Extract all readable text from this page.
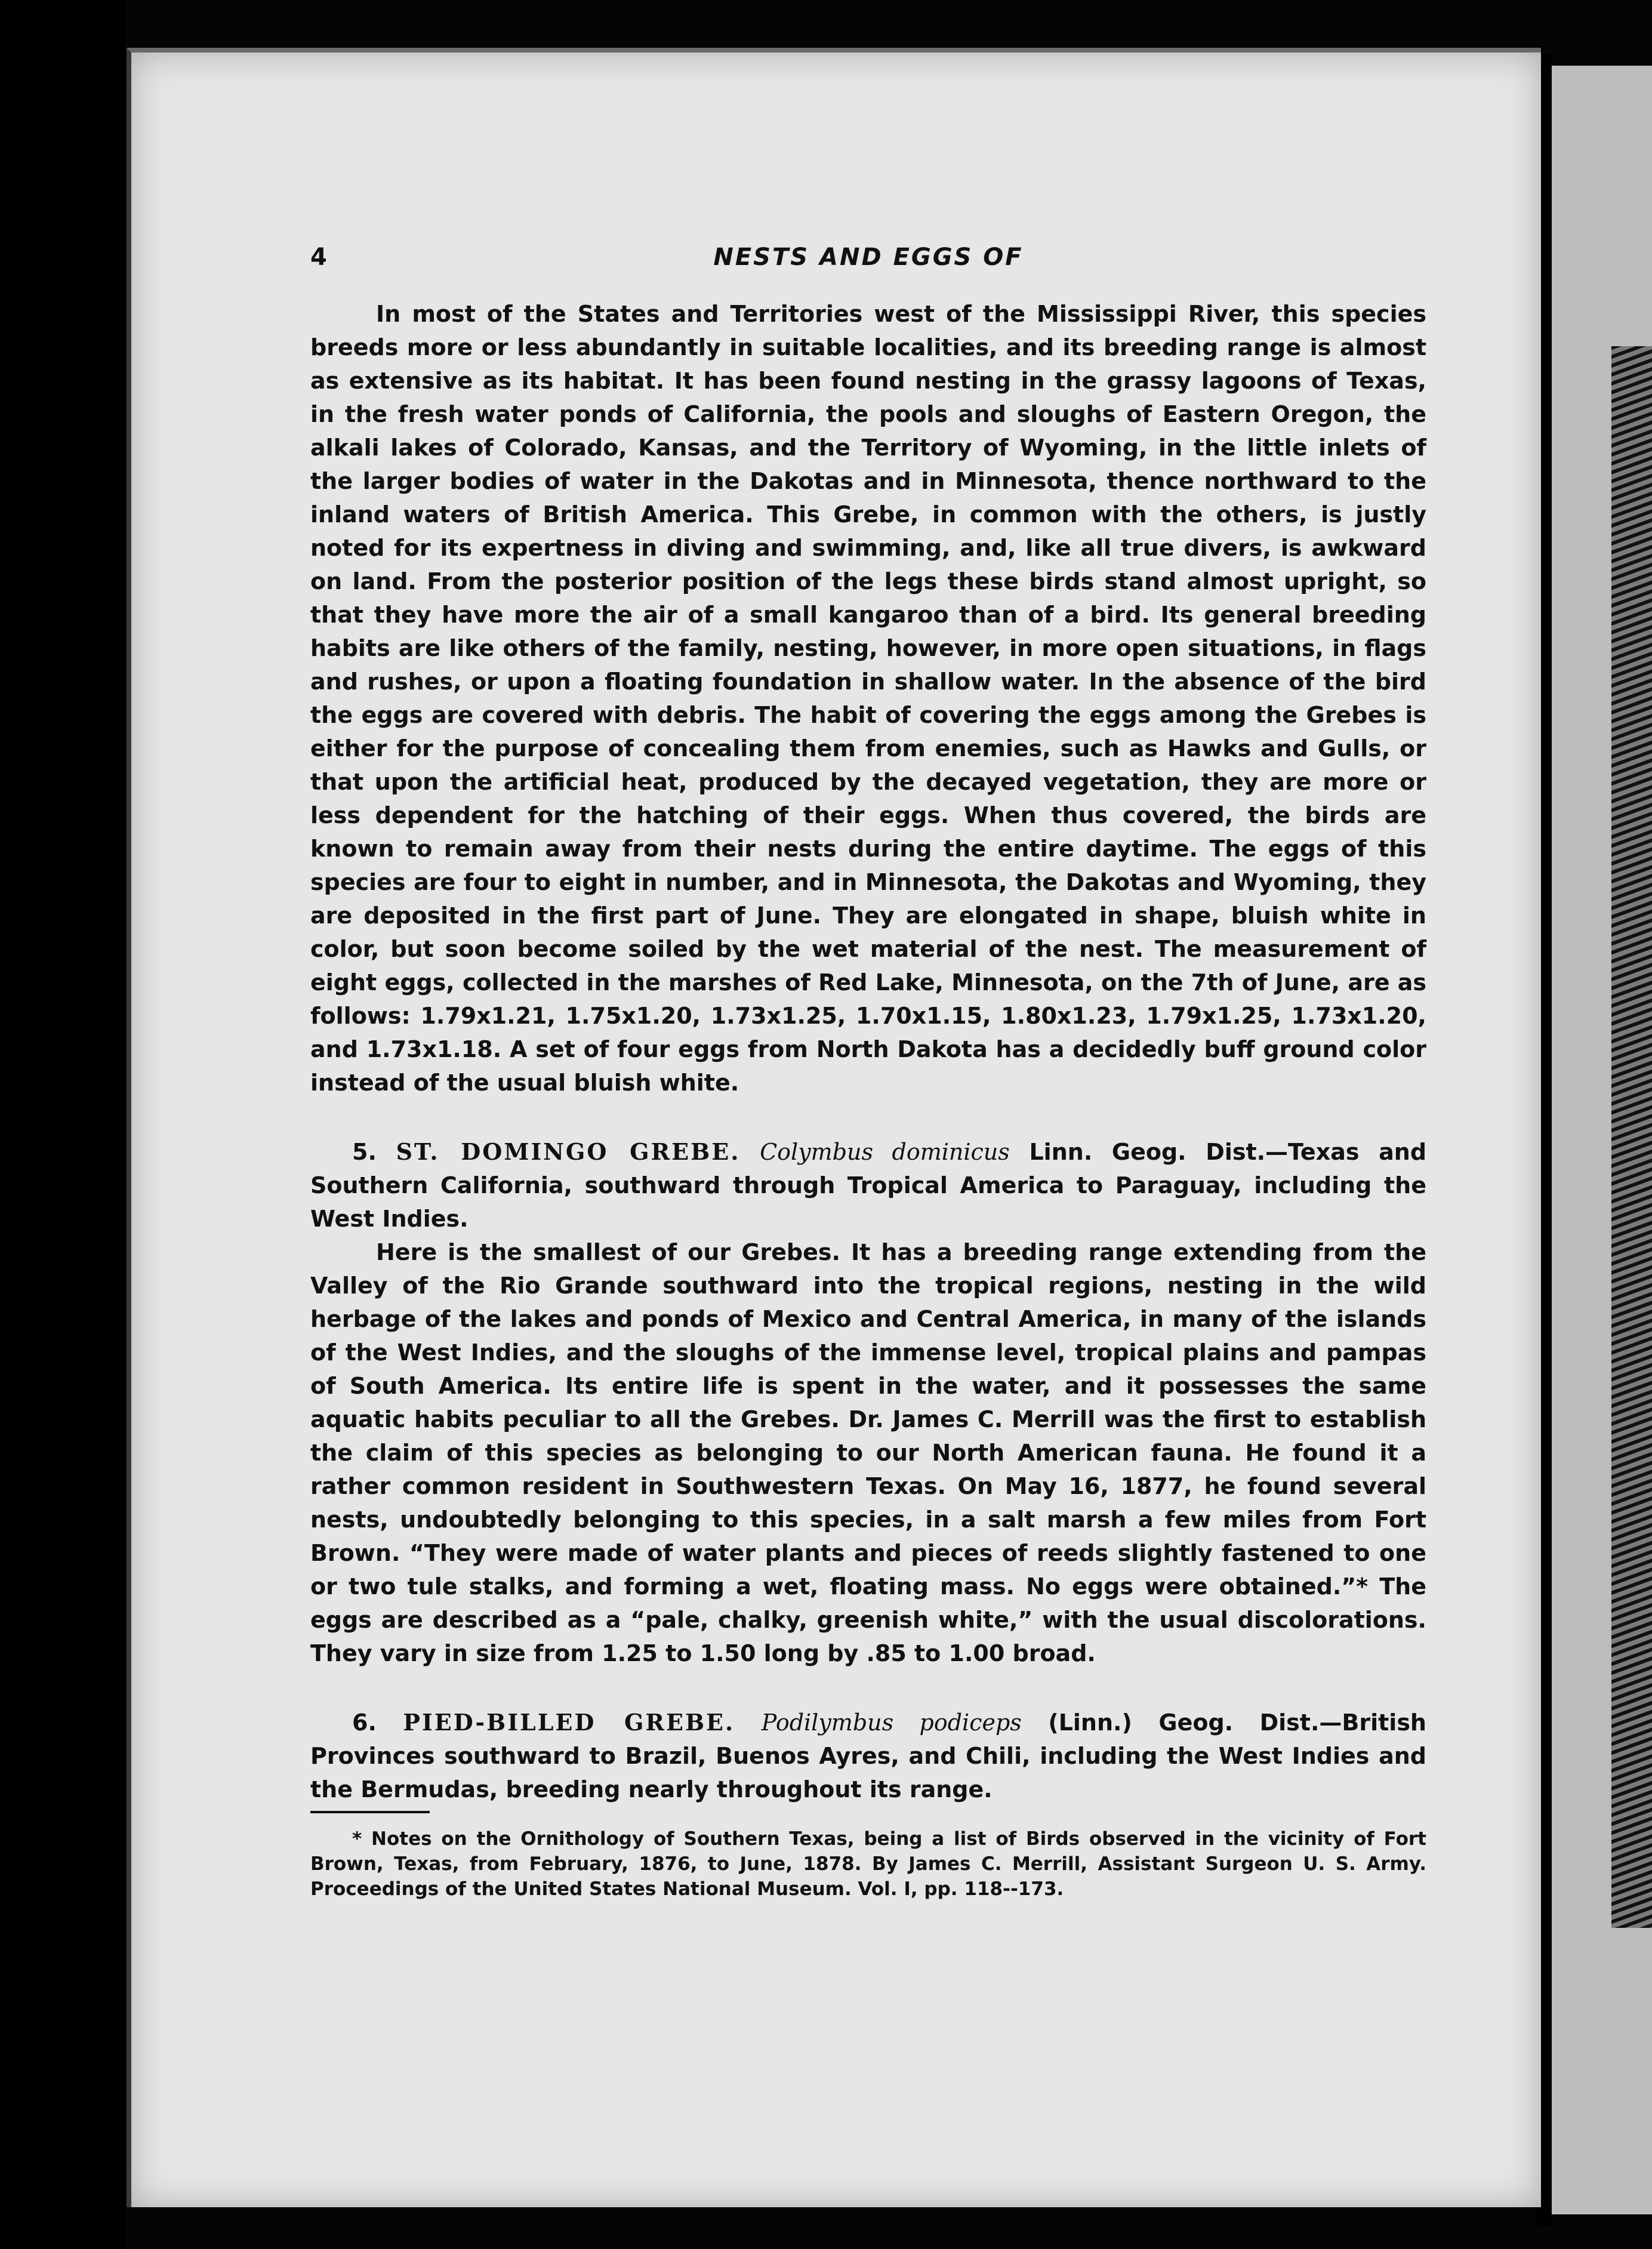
4	NESTS AND EGGS OF

In most of the States and Territories west of the Mississippi River, this species breeds more or less abundantly in suitable localities, and its breeding range is almost as extensive as its habitat. It has been found nesting in the grassy lagoons of Texas, in the fresh water ponds of California, the pools and sloughs of Eastern Oregon, the alkali lakes of Colorado, Kansas, and the Territory of Wyoming, in the little inlets of the larger bodies of water in the Dakotas and in Minnesota, thence northward to the inland waters of British America. This Grebe, in common with the others, is justly noted for its expertness in diving and swimming, and, like all true divers, is awkward on land. From the posterior position of the legs these birds stand almost upright, so that they have more the air of a small kangaroo than of a bird. Its general breeding habits are like others of the family, nesting, however, in more open situations, in flags and rushes, or upon a floating foundation in shallow water. In the absence of the bird the eggs are covered with debris. The habit of covering the eggs among the Grebes is either for the purpose of concealing them from enemies, such as Hawks and Gulls, or that upon the artificial heat, produced by the decayed vegetation, they are more or less dependent for the hatching of their eggs. When thus covered, the birds are known to remain away from their nests during the entire daytime. The eggs of this species are four to eight in number, and in Minnesota, the Dakotas and Wyoming, they are deposited in the first part of June. They are elongated in shape, bluish white in color, but soon become soiled by the wet material of the nest. The measurement of eight eggs, collected in the marshes of Red Lake, Minnesota, on the 7th of June, are as follows: 1.79x1.21, 1.75x1.20, 1.73x1.25, 1.70x1.15, 1.80x1.23, 1.79x1.25, 1.73x1.20, and 1.73x1.18. A set of four eggs from North Dakota has a decidedly buff ground color instead of the usual bluish white.

5. ST. DOMINGO GREBE. Colymbus dominicus Linn. Geog. Dist.—Texas and Southern California, southward through Tropical America to Paraguay, including the West Indies.

Here is the smallest of our Grebes. It has a breeding range extending from the Valley of the Rio Grande southward into the tropical regions, nesting in the wild herbage of the lakes and ponds of Mexico and Central America, in many of the islands of the West Indies, and the sloughs of the immense level, tropical plains and pampas of South America. Its entire life is spent in the water, and it possesses the same aquatic habits peculiar to all the Grebes. Dr. James C. Merrill was the first to establish the claim of this species as belonging to our North American fauna. He found it a rather common resident in Southwestern Texas. On May 16, 1877, he found several nests, undoubtedly belonging to this species, in a salt marsh a few miles from Fort Brown. “They were made of water plants and pieces of reeds slightly fastened to one or two tule stalks, and forming a wet, floating mass. No eggs were obtained.”* The eggs are described as a “pale, chalky, greenish white,” with the usual discolorations. They vary in size from 1.25 to 1.50 long by .85 to 1.00 broad.

6. PIED-BILLED GREBE. Podilymbus podiceps (Linn.) Geog. Dist.—British Provinces southward to Brazil, Buenos Ayres, and Chili, including the West Indies and the Bermudas, breeding nearly throughout its range.

* Notes on the Ornithology of Southern Texas, being a list of Birds observed in the vicinity of Fort Brown, Texas, from February, 1876, to June, 1878. By James C. Merrill, Assistant Surgeon U. S. Army. Proceedings of the United States National Museum. Vol. I, pp. 118--173.
